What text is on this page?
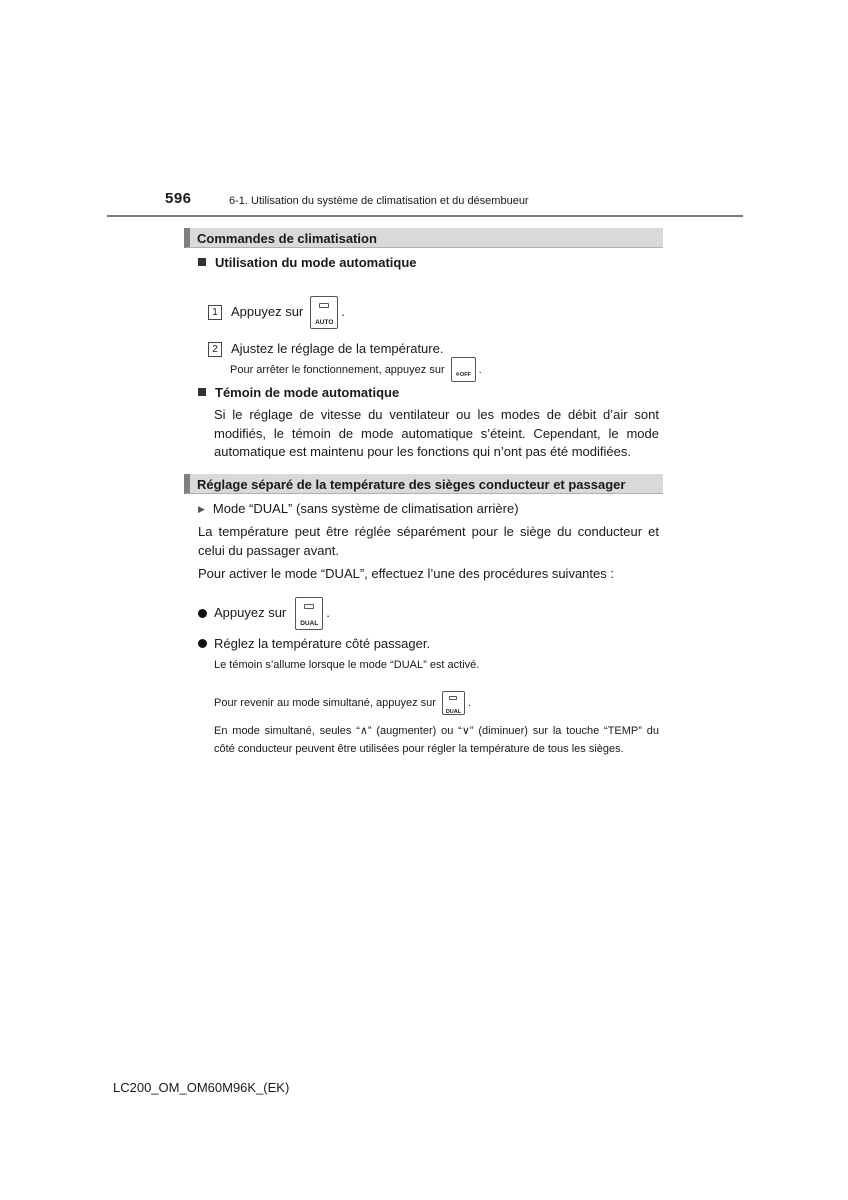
596	6-1. Utilisation du système de climatisation et du désembueur
Commandes de climatisation
Utilisation du mode automatique
1	Appuyez sur
AUTO
.
2 Ajustez le réglage de la température.
Pour arrêter le fonctionnement, appuyez sur	❄OFF .
Témoin de mode automatique
Si le réglage de vitesse du ventilateur ou les modes de débit d’air sont modifiés, le témoin de mode automatique s’éteint. Cependant, le mode automatique est maintenu pour les fonctions qui n’ont pas été modifiées.
Réglage séparé de la température des sièges conducteur et passager
▶ Mode “DUAL” (sans système de climatisation arrière)
La température peut être réglée séparément pour le siège du conducteur et celui du passager avant.
Pour activer le mode “DUAL”, effectuez l’une des procédures suivantes :
Appuyez sur
DUAL
.
Réglez la température côté passager.
Le témoin s’allume lorsque le mode “DUAL” est activé.
Pour revenir au mode simultané, appuyez sur
DUAL
.
En mode simultané, seules “∧” (augmenter) ou “∨” (diminuer) sur la touche “TEMP” du côté conducteur peuvent être utilisées pour régler la température de tous les sièges.
LC200_OM_OM60M96K_(EK)
